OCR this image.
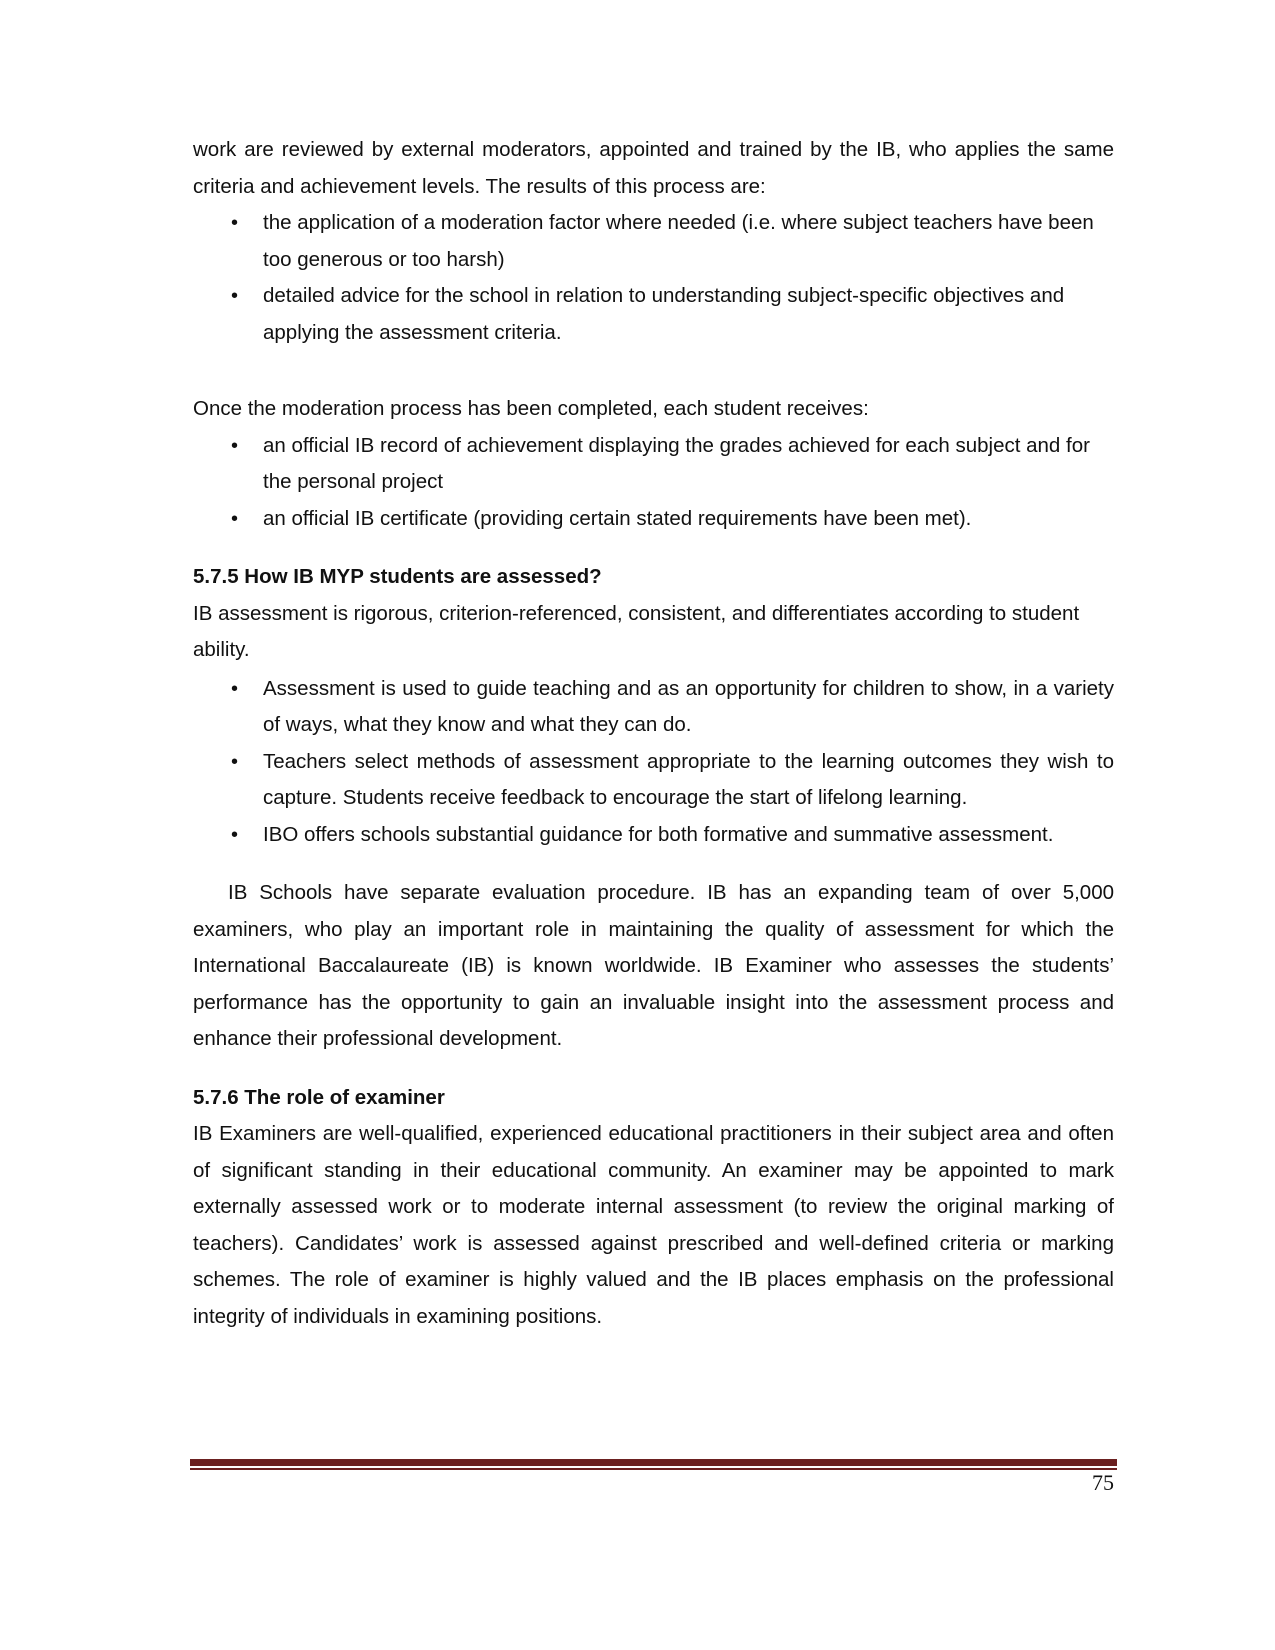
work are reviewed by external moderators, appointed and trained by the IB, who applies the same criteria and achievement levels. The results of this process are:

• the application of a moderation factor where needed (i.e. where subject teachers have been too generous or too harsh)
• detailed advice for the school in relation to understanding subject-specific objectives and applying the assessment criteria.

Once the moderation process has been completed, each student receives:

• an official IB record of achievement displaying the grades achieved for each subject and for the personal project
• an official IB certificate (providing certain stated requirements have been met).

5.7.5 How IB MYP students are assessed?

IB assessment is rigorous, criterion-referenced, consistent, and differentiates according to student ability.

• Assessment is used to guide teaching and as an opportunity for children to show, in a variety of ways, what they know and what they can do.
• Teachers select methods of assessment appropriate to the learning outcomes they wish to capture. Students receive feedback to encourage the start of lifelong learning.
• IBO offers schools substantial guidance for both formative and summative assessment.

IB Schools have separate evaluation procedure. IB has an expanding team of over 5,000 examiners, who play an important role in maintaining the quality of assessment for which the International Baccalaureate (IB) is known worldwide. IB Examiner who assesses the students’ performance has the opportunity to gain an invaluable insight into the assessment process and enhance their professional development.

5.7.6 The role of examiner

IB Examiners are well-qualified, experienced educational practitioners in their subject area and often of significant standing in their educational community. An examiner may be appointed to mark externally assessed work or to moderate internal assessment (to review the original marking of teachers). Candidates’ work is assessed against prescribed and well-defined criteria or marking schemes. The role of examiner is highly valued and the IB places emphasis on the professional integrity of individuals in examining positions.

75
